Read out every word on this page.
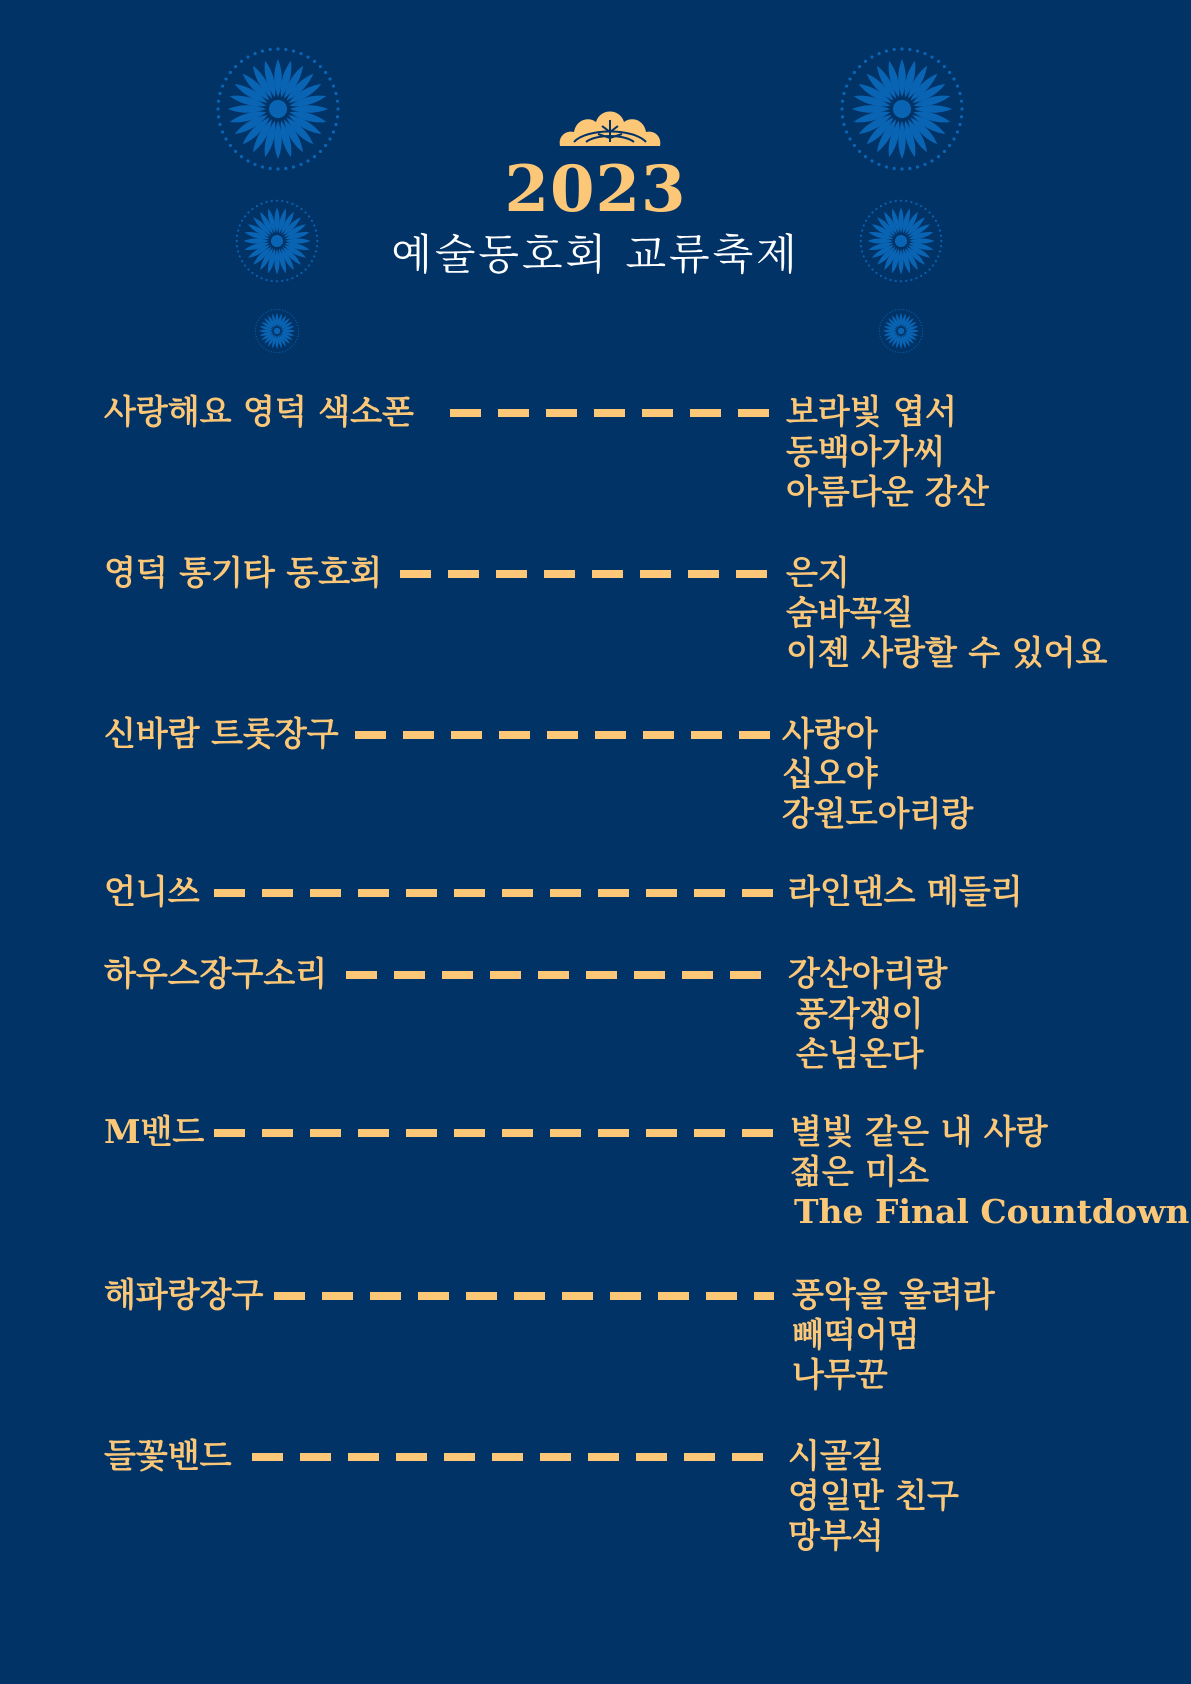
2023
예술동호회 교류축제
사랑해요 영덕 색소폰	보라빛 엽서
동백아가씨
아름다운 강산
영덕 통기타 동호회	은지
숨바꼭질
이젠 사랑할 수 있어요
신바람 트롯장구	사랑아
십오야
강원도아리랑
언니쓰	라인댄스 메들리
하우스장구소리	강산아리랑
풍각쟁이
손님온다
M밴드	별빛 같은 내 사랑
젊은 미소
The Final Countdown
해파랑장구	풍악을 울려라
빼떡어멈
나무꾼
들꽃밴드	시골길
영일만 친구
망부석
